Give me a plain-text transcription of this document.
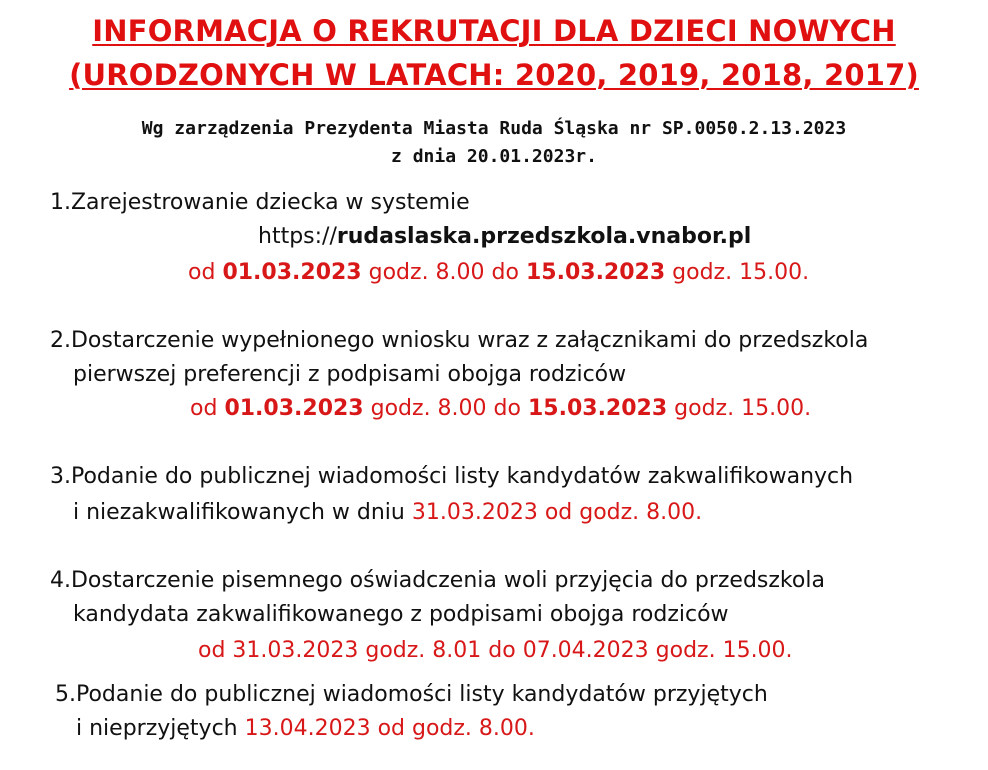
INFORMACJA O REKRUTACJI DLA DZIECI NOWYCH
(URODZONYCH W LATACH: 2020, 2019, 2018, 2017)
Wg zarządzenia Prezydenta Miasta Ruda Śląska nr SP.0050.2.13.2023
z dnia 20.01.2023r.
1.Zarejestrowanie dziecka w systemie
https://rudaslaska.przedszkola.vnabor.pl
od 01.03.2023 godz. 8.00 do 15.03.2023 godz. 15.00.
2.Dostarczenie wypełnionego wniosku wraz z załącznikami do przedszkola
pierwszej preferencji z podpisami obojga rodziców
od 01.03.2023 godz. 8.00 do 15.03.2023 godz. 15.00.
3.Podanie do publicznej wiadomości listy kandydatów zakwalifikowanych
i niezakwalifikowanych w dniu 31.03.2023 od godz. 8.00.
4.Dostarczenie pisemnego oświadczenia woli przyjęcia do przedszkola
kandydata zakwalifikowanego z podpisami obojga rodziców
od 31.03.2023 godz. 8.01 do 07.04.2023 godz. 15.00.
5.Podanie do publicznej wiadomości listy kandydatów przyjętych
i nieprzyjętych 13.04.2023 od godz. 8.00.
